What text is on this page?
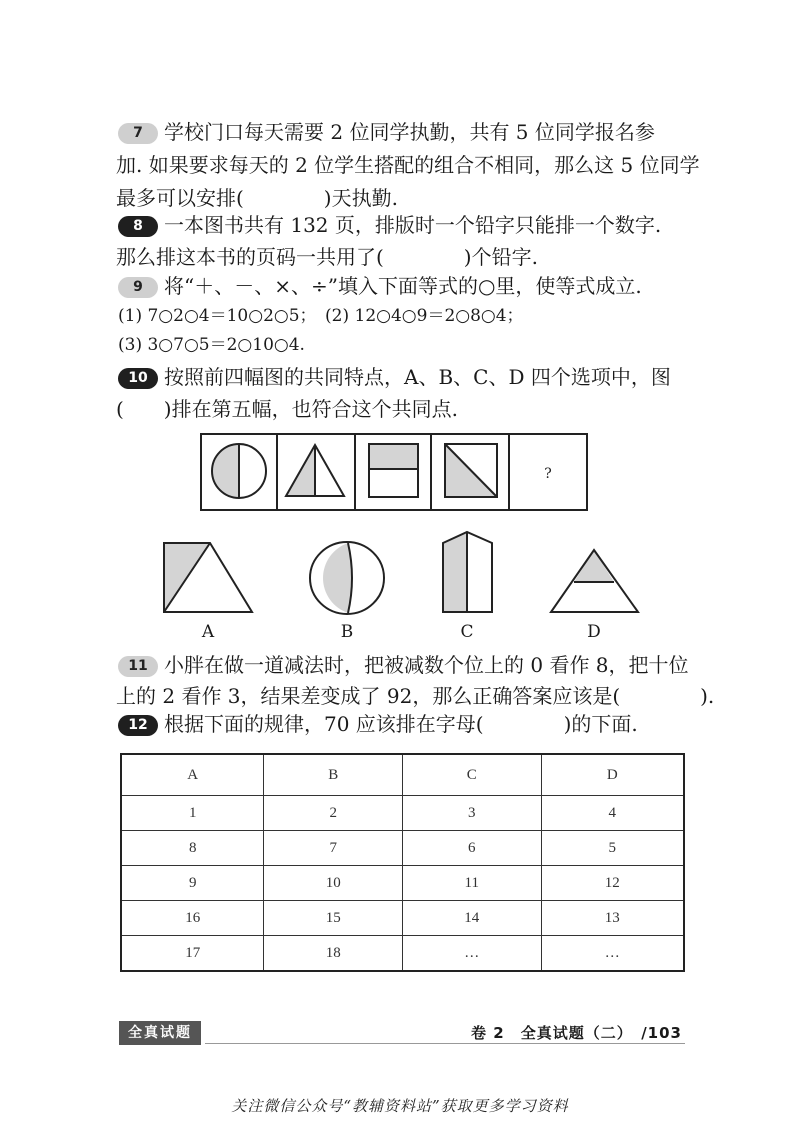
7 学校门口每天需要 2 位同学执勤，共有 5 位同学报名参
加. 如果要求每天的 2 位学生搭配的组合不相同，那么这 5 位同学
最多可以安排(　　　　)天执勤.
8 一本图书共有 132 页，排版时一个铅字只能排一个数字.
那么排这本书的页码一共用了(　　　　)个铅字.
9 将“＋、－、×、÷”填入下面等式的○里，使等式成立.
(1) 7○2○4＝10○2○5；　(2) 12○4○9＝2○8○4；
(3) 3○7○5＝2○10○4.
10 按照前四幅图的共同特点，A、B、C、D 四个选项中，图
(　　)排在第五幅，也符合这个共同点.
?
A	B	C	D
11 小胖在做一道减法时，把被减数个位上的 0 看作 8，把十位
上的 2 看作 3，结果差变成了 92，那么正确答案应该是(　　　　).
12 根据下面的规律，70 应该排在字母(　　　　)的下面.
A	B	C	D
1	2	3	4
8	7	6	5
9	10	11	12
16	15	14	13
17	18	…	…
全真试题	卷 2　全真试题（二）　/103
关注微信公众号“教辅资料站”获取更多学习资料
